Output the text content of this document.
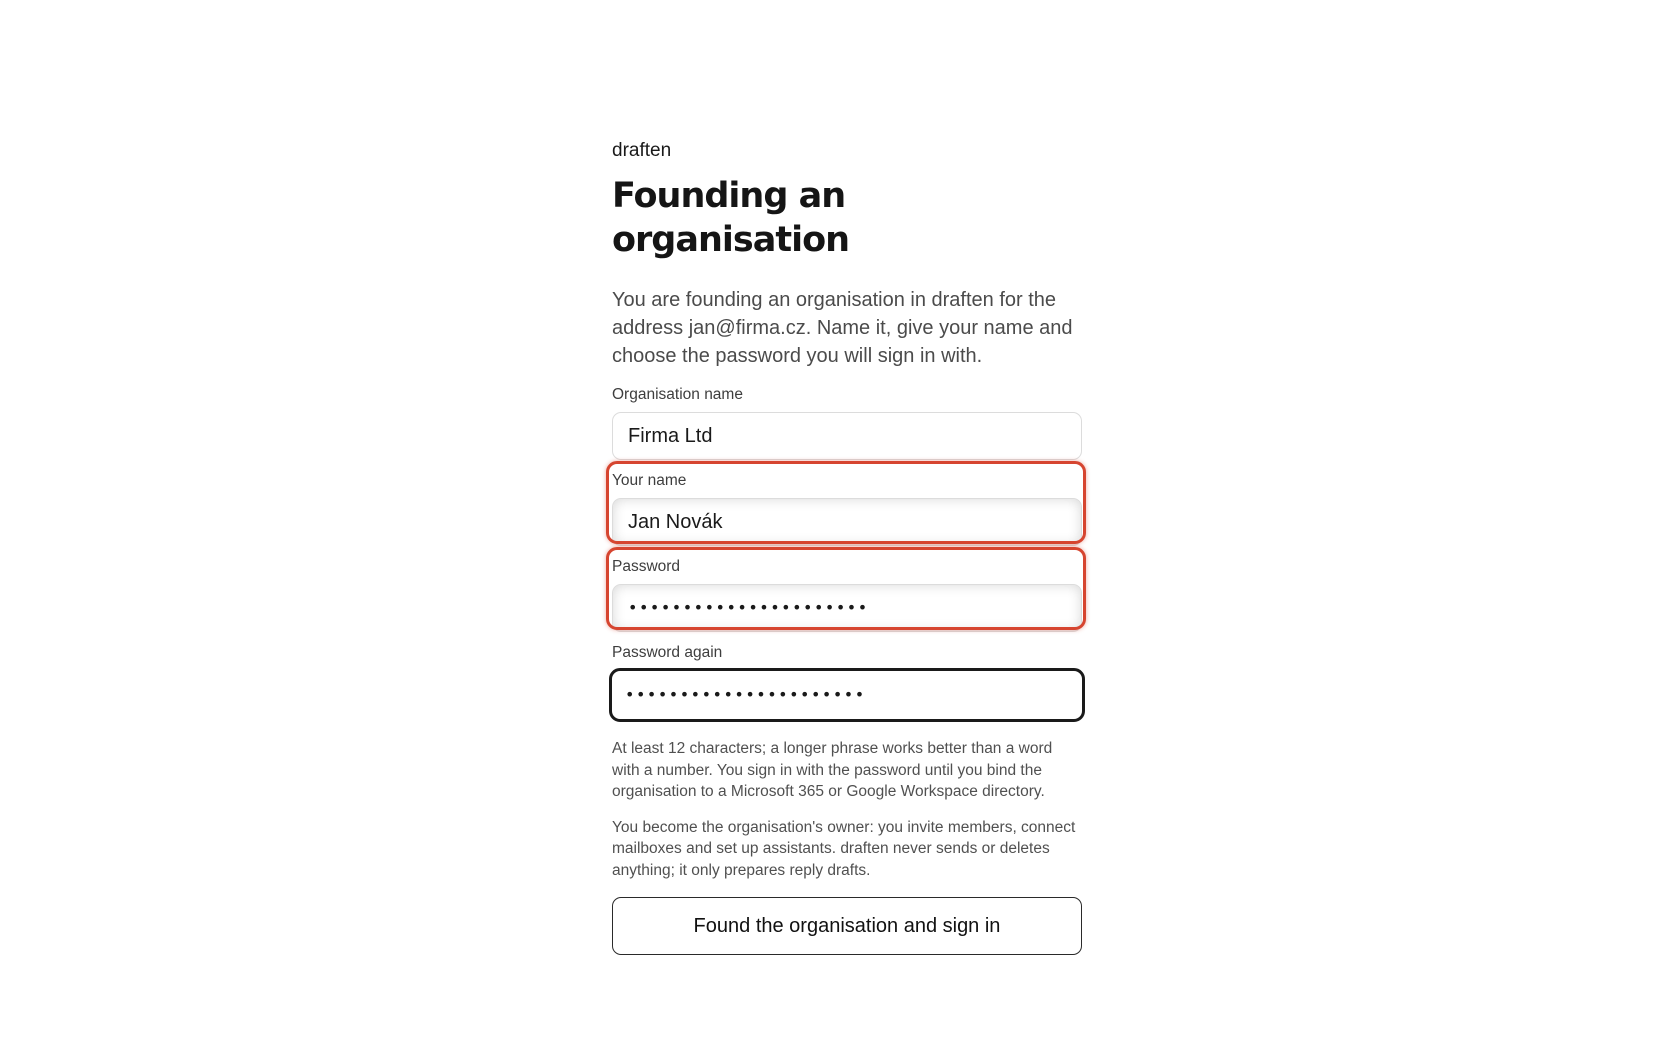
draften
Founding an organisation

You are founding an organisation in draften for the address jan@firma.cz. Name it, give your name and choose the password you will sign in with.

Organisation name
Firma Ltd
Your name
Jan Novák
Password
••••••••••••••••••••••
Password again
••••••••••••••••••••••

At least 12 characters; a longer phrase works better than a word with a number. You sign in with the password until you bind the organisation to a Microsoft 365 or Google Workspace directory.

You become the organisation's owner: you invite members, connect mailboxes and set up assistants. draften never sends or deletes anything; it only prepares reply drafts.

Found the organisation and sign in
